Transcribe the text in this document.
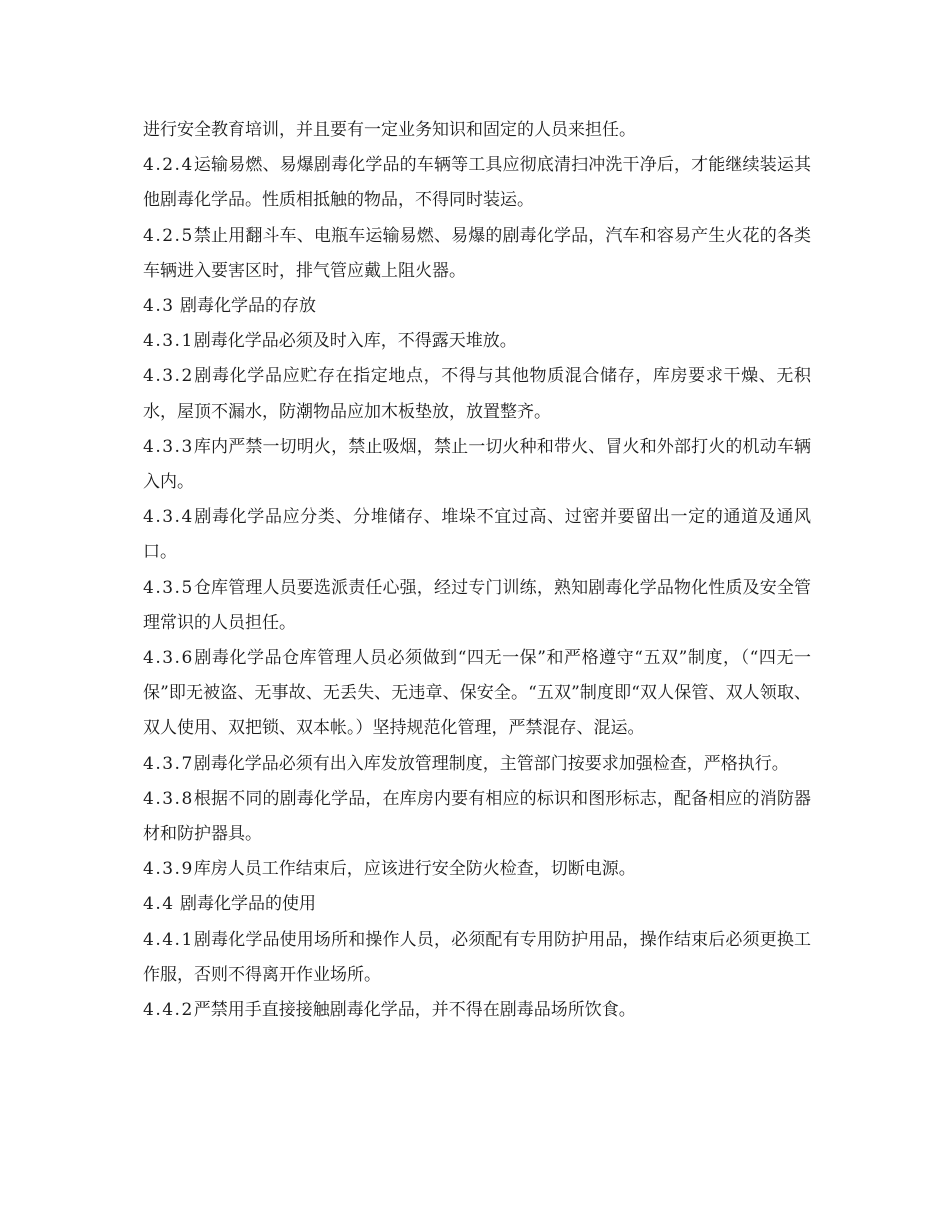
进行安全教育培训，并且要有一定业务知识和固定的人员来担任。

4.2.4运输易燃、易爆剧毒化学品的车辆等工具应彻底清扫冲洗干净后，才能继续装运其他剧毒化学品。性质相抵触的物品，不得同时装运。

4.2.5禁止用翻斗车、电瓶车运输易燃、易爆的剧毒化学品，汽车和容易产生火花的各类车辆进入要害区时，排气管应戴上阻火器。

4.3 剧毒化学品的存放

4.3.1剧毒化学品必须及时入库，不得露天堆放。

4.3.2剧毒化学品应贮存在指定地点，不得与其他物质混合储存，库房要求干燥、无积水，屋顶不漏水，防潮物品应加木板垫放，放置整齐。

4.3.3库内严禁一切明火，禁止吸烟，禁止一切火种和带火、冒火和外部打火的机动车辆入内。

4.3.4剧毒化学品应分类、分堆储存、堆垛不宜过高、过密并要留出一定的通道及通风口。

4.3.5仓库管理人员要选派责任心强，经过专门训练，熟知剧毒化学品物化性质及安全管理常识的人员担任。

4.3.6剧毒化学品仓库管理人员必须做到“四无一保”和严格遵守“五双”制度，（“四无一保”即无被盗、无事故、无丢失、无违章、保安全。“五双”制度即“双人保管、双人领取、双人使用、双把锁、双本帐。）坚持规范化管理，严禁混存、混运。

4.3.7剧毒化学品必须有出入库发放管理制度，主管部门按要求加强检查，严格执行。

4.3.8根据不同的剧毒化学品，在库房内要有相应的标识和图形标志，配备相应的消防器材和防护器具。

4.3.9库房人员工作结束后，应该进行安全防火检查，切断电源。

4.4 剧毒化学品的使用

4.4.1剧毒化学品使用场所和操作人员，必须配有专用防护用品，操作结束后必须更换工作服，否则不得离开作业场所。

4.4.2严禁用手直接接触剧毒化学品，并不得在剧毒品场所饮食。
